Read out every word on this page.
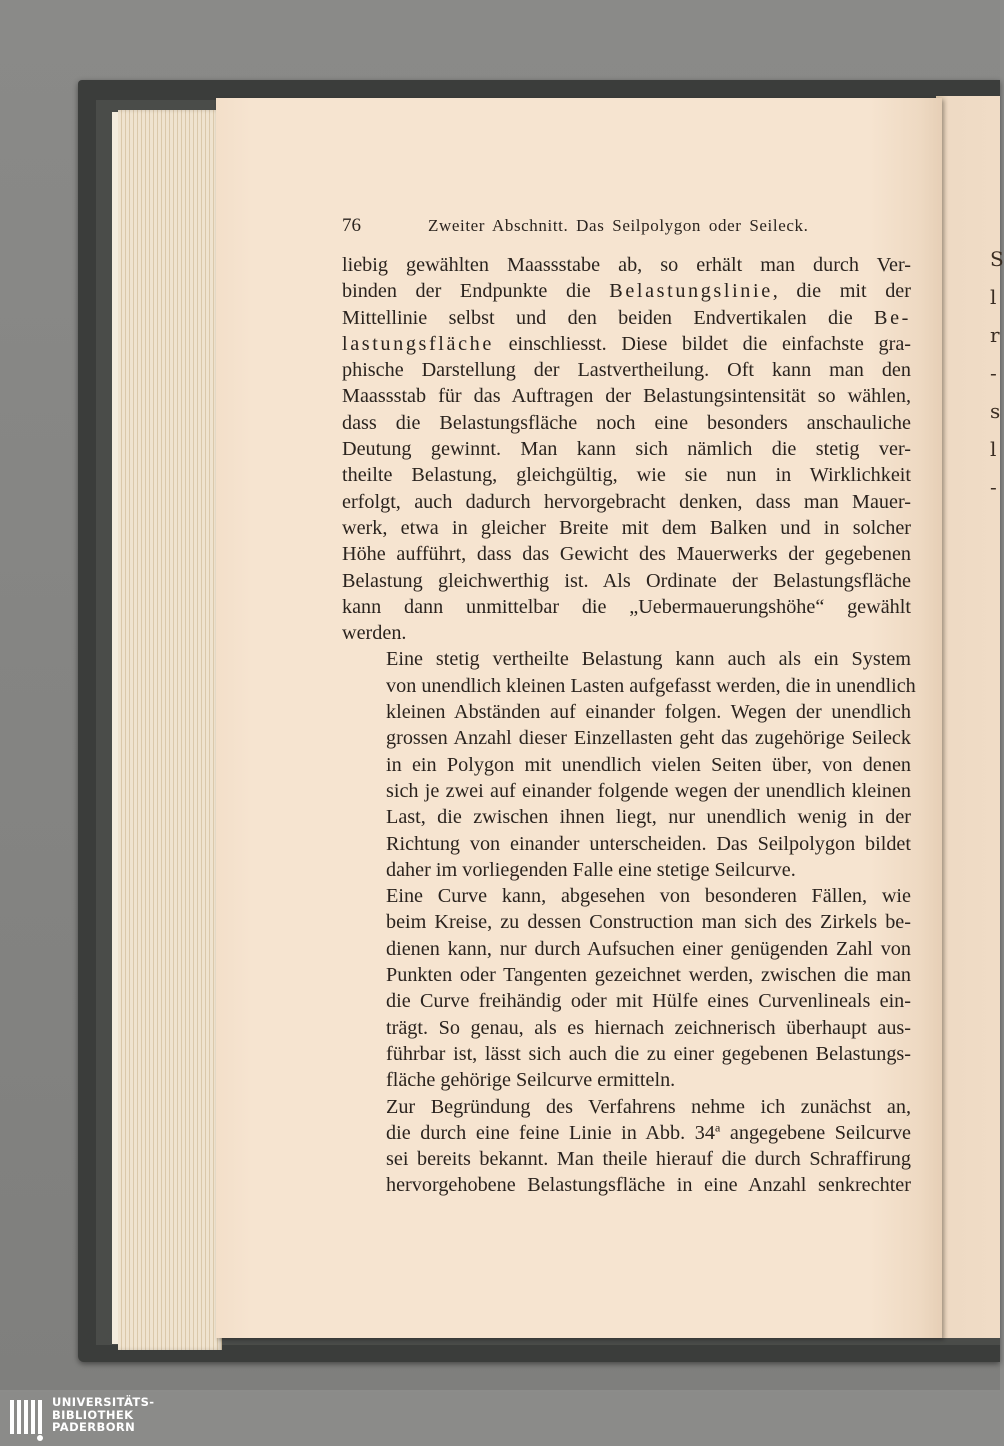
S
l
r
-
s
l
-
76	Zweiter Abschnitt. Das Seilpolygon oder Seileck.

liebig gewählten Maassstabe ab, so erhält man durch Ver-
binden der Endpunkte die Belastungslinie, die mit der
Mittellinie selbst und den beiden Endvertikalen die Be-
lastungsfläche einschliesst. Diese bildet die einfachste gra-
phische Darstellung der Lastvertheilung. Oft kann man den
Maassstab für das Auftragen der Belastungsintensität so wählen,
dass die Belastungsfläche noch eine besonders anschauliche
Deutung gewinnt. Man kann sich nämlich die stetig ver-
theilte Belastung, gleichgültig, wie sie nun in Wirklichkeit
erfolgt, auch dadurch hervorgebracht denken, dass man Mauer-
werk, etwa in gleicher Breite mit dem Balken und in solcher
Höhe aufführt, dass das Gewicht des Mauerwerks der gegebenen
Belastung gleichwerthig ist. Als Ordinate der Belastungsfläche
kann dann unmittelbar die „Uebermauerungshöhe“ gewählt
werden.

Eine stetig vertheilte Belastung kann auch als ein System
von unendlich kleinen Lasten aufgefasst werden, die in unendlich
kleinen Abständen auf einander folgen. Wegen der unendlich
grossen Anzahl dieser Einzellasten geht das zugehörige Seileck
in ein Polygon mit unendlich vielen Seiten über, von denen
sich je zwei auf einander folgende wegen der unendlich kleinen
Last, die zwischen ihnen liegt, nur unendlich wenig in der
Richtung von einander unterscheiden. Das Seilpolygon bildet
daher im vorliegenden Falle eine stetige Seilcurve.

Eine Curve kann, abgesehen von besonderen Fällen, wie
beim Kreise, zu dessen Construction man sich des Zirkels be-
dienen kann, nur durch Aufsuchen einer genügenden Zahl von
Punkten oder Tangenten gezeichnet werden, zwischen die man
die Curve freihändig oder mit Hülfe eines Curvenlineals ein-
trägt. So genau, als es hiernach zeichnerisch überhaupt aus-
führbar ist, lässt sich auch die zu einer gegebenen Belastungs-
fläche gehörige Seilcurve ermitteln.

Zur Begründung des Verfahrens nehme ich zunächst an,
die durch eine feine Linie in Abb. 34$^a$ angegebene Seilcurve
sei bereits bekannt. Man theile hierauf die durch Schraffirung
hervorgehobene Belastungsfläche in eine Anzahl senkrechter

UNIVERSITÄTS-
BIBLIOTHEK
PADERBORN
